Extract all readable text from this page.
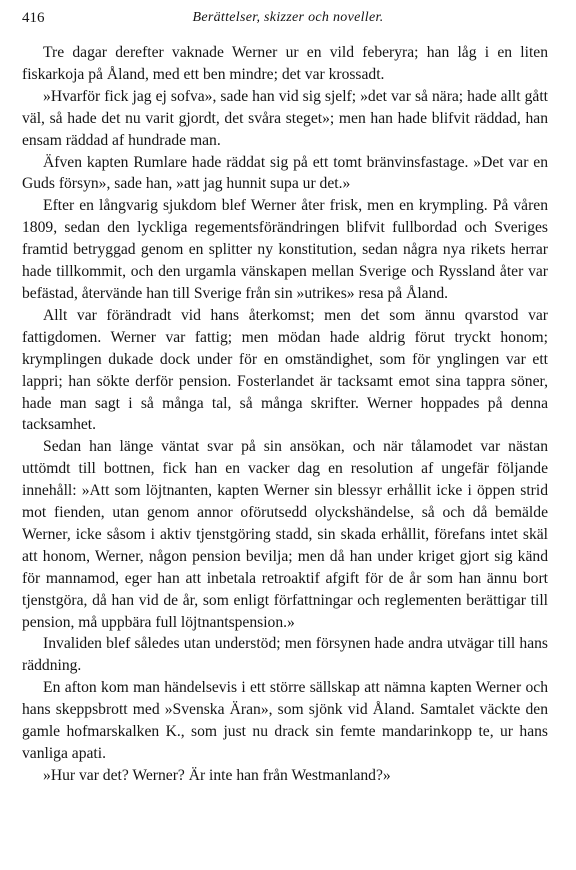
416	Berättelser, skizzer och noveller.

Tre dagar derefter vaknade Werner ur en vild feberyra; han låg i en liten fiskarkoja på Åland, med ett ben mindre; det var krossadt.

»Hvarför fick jag ej sofva», sade han vid sig sjelf; »det var så nära; hade allt gått väl, så hade det nu varit gjordt, det svåra steget»; men han hade blifvit räddad, han ensam räddad af hundrade man.

Äfven kapten Rumlare hade räddat sig på ett tomt bränvinsfastage. »Det var en Guds försyn», sade han, »att jag hunnit supa ur det.»

Efter en långvarig sjukdom blef Werner åter frisk, men en krympling. På våren 1809, sedan den lyckliga regementsförändringen blifvit fullbordad och Sveriges framtid betryggad genom en splitter ny konstitution, sedan några nya rikets herrar hade tillkommit, och den urgamla vänskapen mellan Sverige och Ryssland åter var befästad, återvände han till Sverige från sin »utrikes» resa på Åland.

Allt var förändradt vid hans återkomst; men det som ännu qvarstod var fattigdomen. Werner var fattig; men mödan hade aldrig förut tryckt honom; krymplingen dukade dock under för en omständighet, som för ynglingen var ett lappri; han sökte derför pension. Fosterlandet är tacksamt emot sina tappra söner, hade man sagt i så många tal, så många skrifter. Werner hoppades på denna tacksamhet.

Sedan han länge väntat svar på sin ansökan, och när tålamodet var nästan uttömdt till bottnen, fick han en vacker dag en resolution af ungefär följande innehåll: »Att som löjtnanten, kapten Werner sin blessyr erhållit icke i öppen strid mot fienden, utan genom annor oförutsedd olyckshändelse, så och då bemälde Werner, icke såsom i aktiv tjenstgöring stadd, sin skada erhållit, förefans intet skäl att honom, Werner, någon pension bevilja; men då han under kriget gjort sig känd för mannamod, eger han att inbetala retroaktif afgift för de år som han ännu bort tjenstgöra, då han vid de år, som enligt författningar och reglementen berättigar till pension, må uppbära full löjtnantspension.»

Invaliden blef således utan understöd; men försynen hade andra utvägar till hans räddning.

En afton kom man händelsevis i ett större sällskap att nämna kapten Werner och hans skeppsbrott med »Svenska Äran», som sjönk vid Åland. Samtalet väckte den gamle hofmarskalken K., som just nu drack sin femte mandarinkopp te, ur hans vanliga apati.

»Hur var det? Werner? Är inte han från Westmanland?»
